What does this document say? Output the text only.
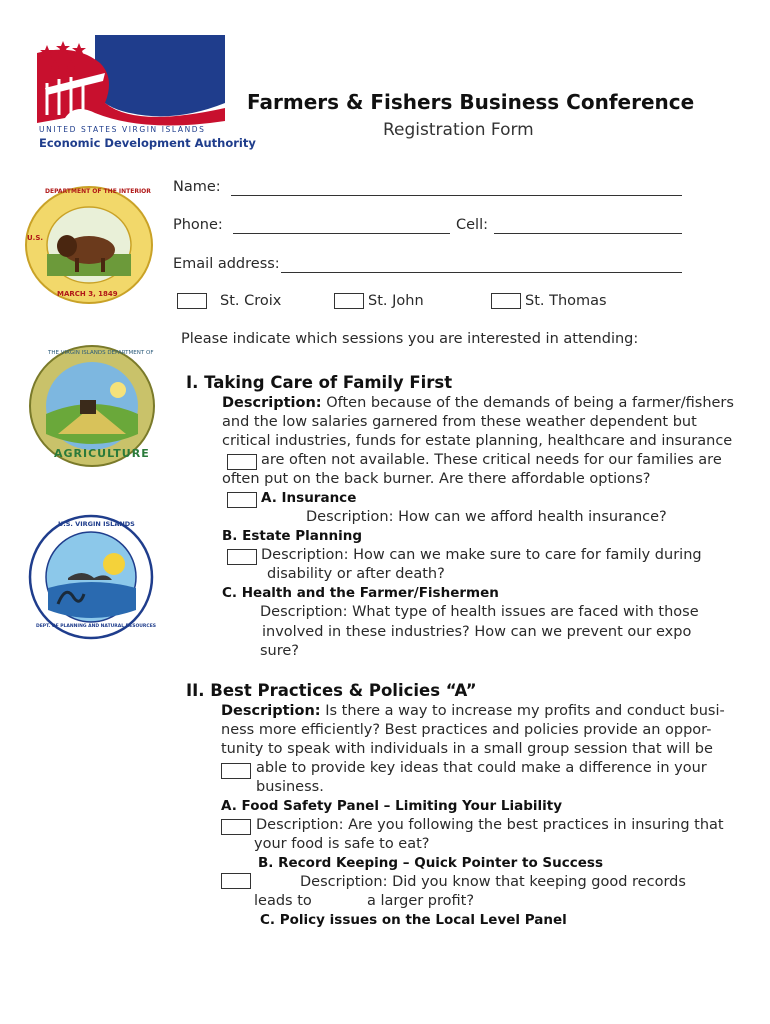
UNITED STATES VIRGIN ISLANDS
Economic Development Authority
Farmers & Fishers Business Conference
Registration Form
DEPARTMENT OF THE INTERIOR
U.S.
MARCH 3, 1849
THE VIRGIN ISLANDS DEPARTMENT OF
AGRICULTURE
U.S. VIRGIN ISLANDS
DEPT. OF PLANNING AND NATURAL RESOURCES
Name:
Phone:	Cell:
Email address:
St. Croix	St. John	St. Thomas
Please indicate which sessions you are interested in attending:
I. Taking Care of Family First
Description: Often because of the demands of being a farmer/fishers
and the low salaries garnered from these weather dependent but
critical industries, funds for estate planning, healthcare and insurance
are often not available. These critical needs for our families are
often put on the back burner. Are there affordable options?
A. Insurance
Description: How can we afford health insurance?
B. Estate Planning
Description: How can we make sure to care for family during
disability or after death?
C. Health and the Farmer/Fishermen
Description: What type of health issues are faced with those
involved in these industries? How can we prevent our expo
sure?
II. Best Practices & Policies “A”
Description: Is there a way to increase my profits and conduct busi-
ness more efficiently? Best practices and policies provide an oppor-
tunity to speak with individuals in a small group session that will be
able to provide key ideas that could make a difference in your
business.
A. Food Safety Panel – Limiting Your Liability
Description: Are you following the best practices in insuring that
your food is safe to eat?
B. Record Keeping – Quick Pointer to Success
Description: Did you know that keeping good records
leads to	a larger profit?
C. Policy issues on the Local Level Panel
